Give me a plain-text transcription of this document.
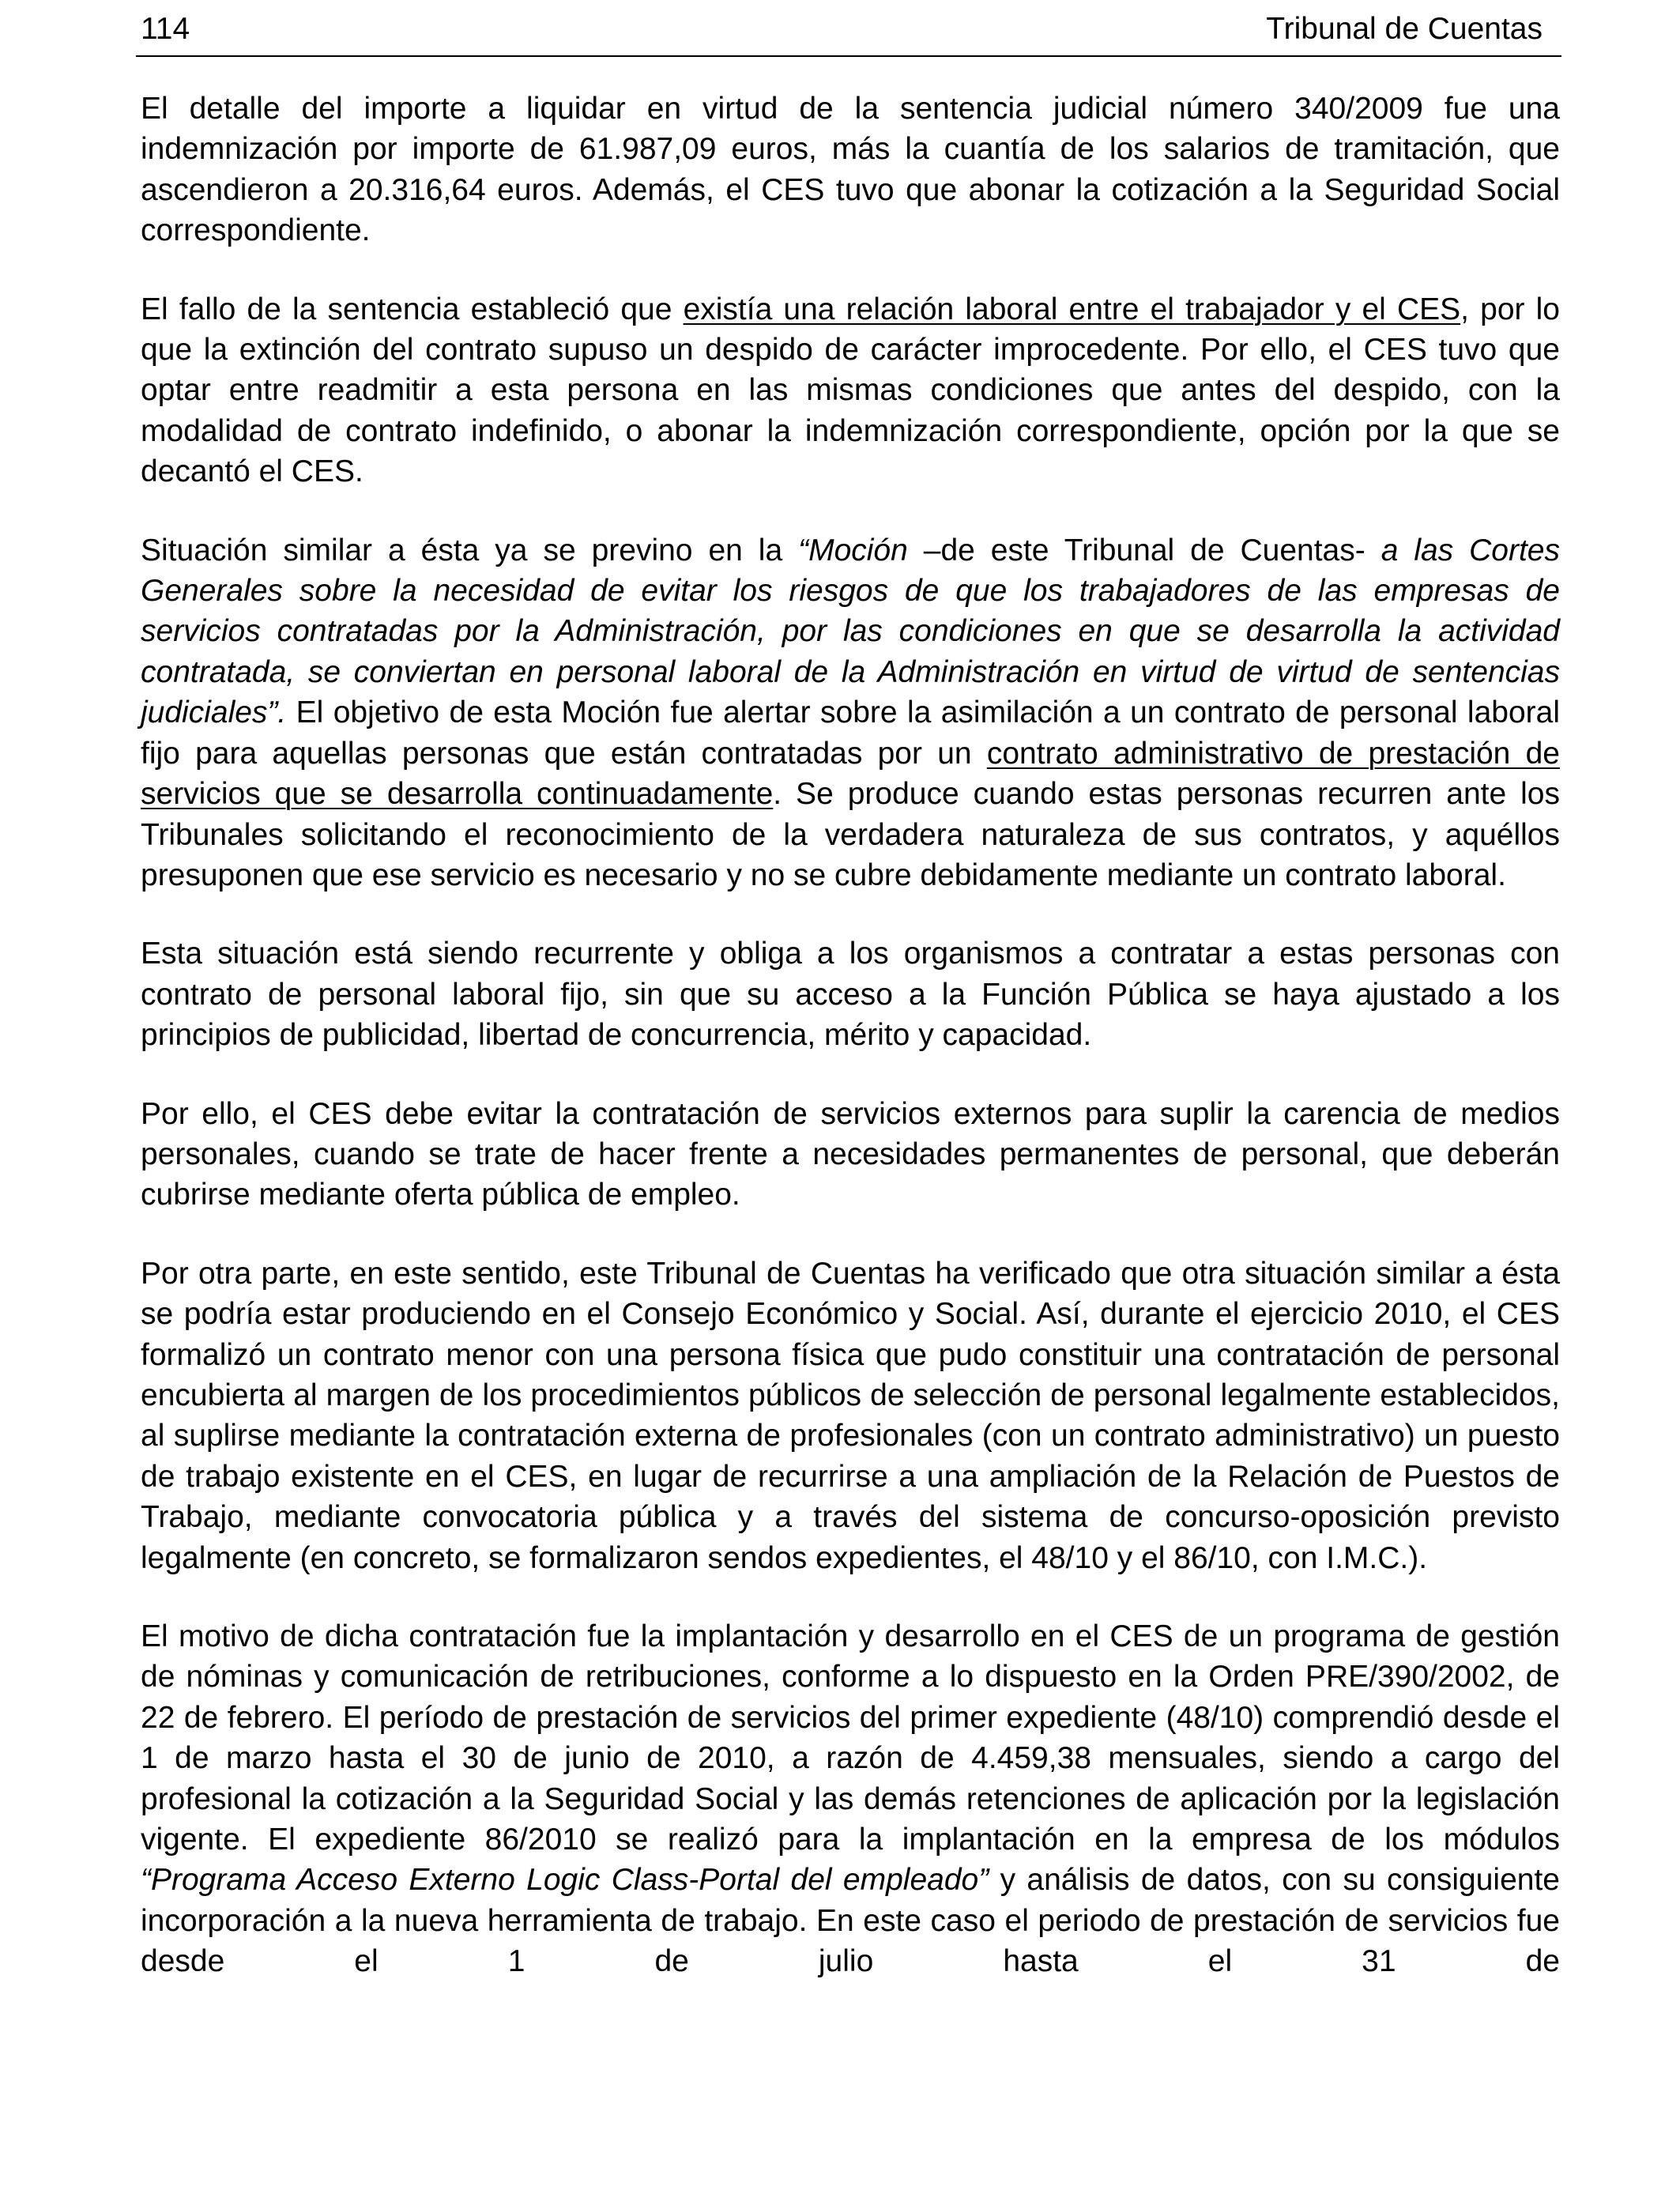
114	Tribunal de Cuentas

El detalle del importe a liquidar en virtud de la sentencia judicial número 340/2009 fue una indemnización por importe de 61.987,09 euros, más la cuantía de los salarios de tramitación, que ascendieron a 20.316,64 euros. Además, el CES tuvo que abonar la cotización a la Seguridad Social correspondiente.

El fallo de la sentencia estableció que existía una relación laboral entre el trabajador y el CES, por lo que la extinción del contrato supuso un despido de carácter improcedente. Por ello, el CES tuvo que optar entre readmitir a esta persona en las mismas condiciones que antes del despido, con la modalidad de contrato indefinido, o abonar la indemnización correspondiente, opción por la que se decantó el CES.

Situación similar a ésta ya se previno en la “Moción –de este Tribunal de Cuentas- a las Cortes Generales sobre la necesidad de evitar los riesgos de que los trabajadores de las empresas de servicios contratadas por la Administración, por las condiciones en que se desarrolla la actividad contratada, se conviertan en personal laboral de la Administración en virtud de virtud de sentencias judiciales”. El objetivo de esta Moción fue alertar sobre la asimilación a un contrato de personal laboral fijo para aquellas personas que están contratadas por un contrato administrativo de prestación de servicios que se desarrolla continuadamente. Se produce cuando estas personas recurren ante los Tribunales solicitando el reconocimiento de la verdadera naturaleza de sus contratos, y aquéllos presuponen que ese servicio es necesario y no se cubre debidamente mediante un contrato laboral.

Esta situación está siendo recurrente y obliga a los organismos a contratar a estas personas con contrato de personal laboral fijo, sin que su acceso a la Función Pública se haya ajustado a los principios de publicidad, libertad de concurrencia, mérito y capacidad.

Por ello, el CES debe evitar la contratación de servicios externos para suplir la carencia de medios personales, cuando se trate de hacer frente a necesidades permanentes de personal, que deberán cubrirse mediante oferta pública de empleo.

Por otra parte, en este sentido, este Tribunal de Cuentas ha verificado que otra situación similar a ésta se podría estar produciendo en el Consejo Económico y Social. Así, durante el ejercicio 2010, el CES formalizó un contrato menor con una persona física que pudo constituir una contratación de personal encubierta al margen de los procedimientos públicos de selección de personal legalmente establecidos, al suplirse mediante la contratación externa de profesionales (con un contrato administrativo) un puesto de trabajo existente en el CES, en lugar de recurrirse a una ampliación de la Relación de Puestos de Trabajo, mediante convocatoria pública y a través del sistema de concurso-oposición previsto legalmente (en concreto, se formalizaron sendos expedientes, el 48/10 y el 86/10, con I.M.C.).

El motivo de dicha contratación fue la implantación y desarrollo en el CES de un programa de gestión de nóminas y comunicación de retribuciones, conforme a lo dispuesto en la Orden PRE/390/2002, de 22 de febrero. El período de prestación de servicios del primer expediente (48/10) comprendió desde el 1 de marzo hasta el 30 de junio de 2010, a razón de 4.459,38 mensuales, siendo a cargo del profesional la cotización a la Seguridad Social y las demás retenciones de aplicación por la legislación vigente. El expediente 86/2010 se realizó para la implantación en la empresa de los módulos “Programa Acceso Externo Logic Class-Portal del empleado” y análisis de datos, con su consiguiente incorporación a la nueva herramienta de trabajo. En este caso el periodo de prestación de servicios fue desde el 1 de julio hasta el 31 de
